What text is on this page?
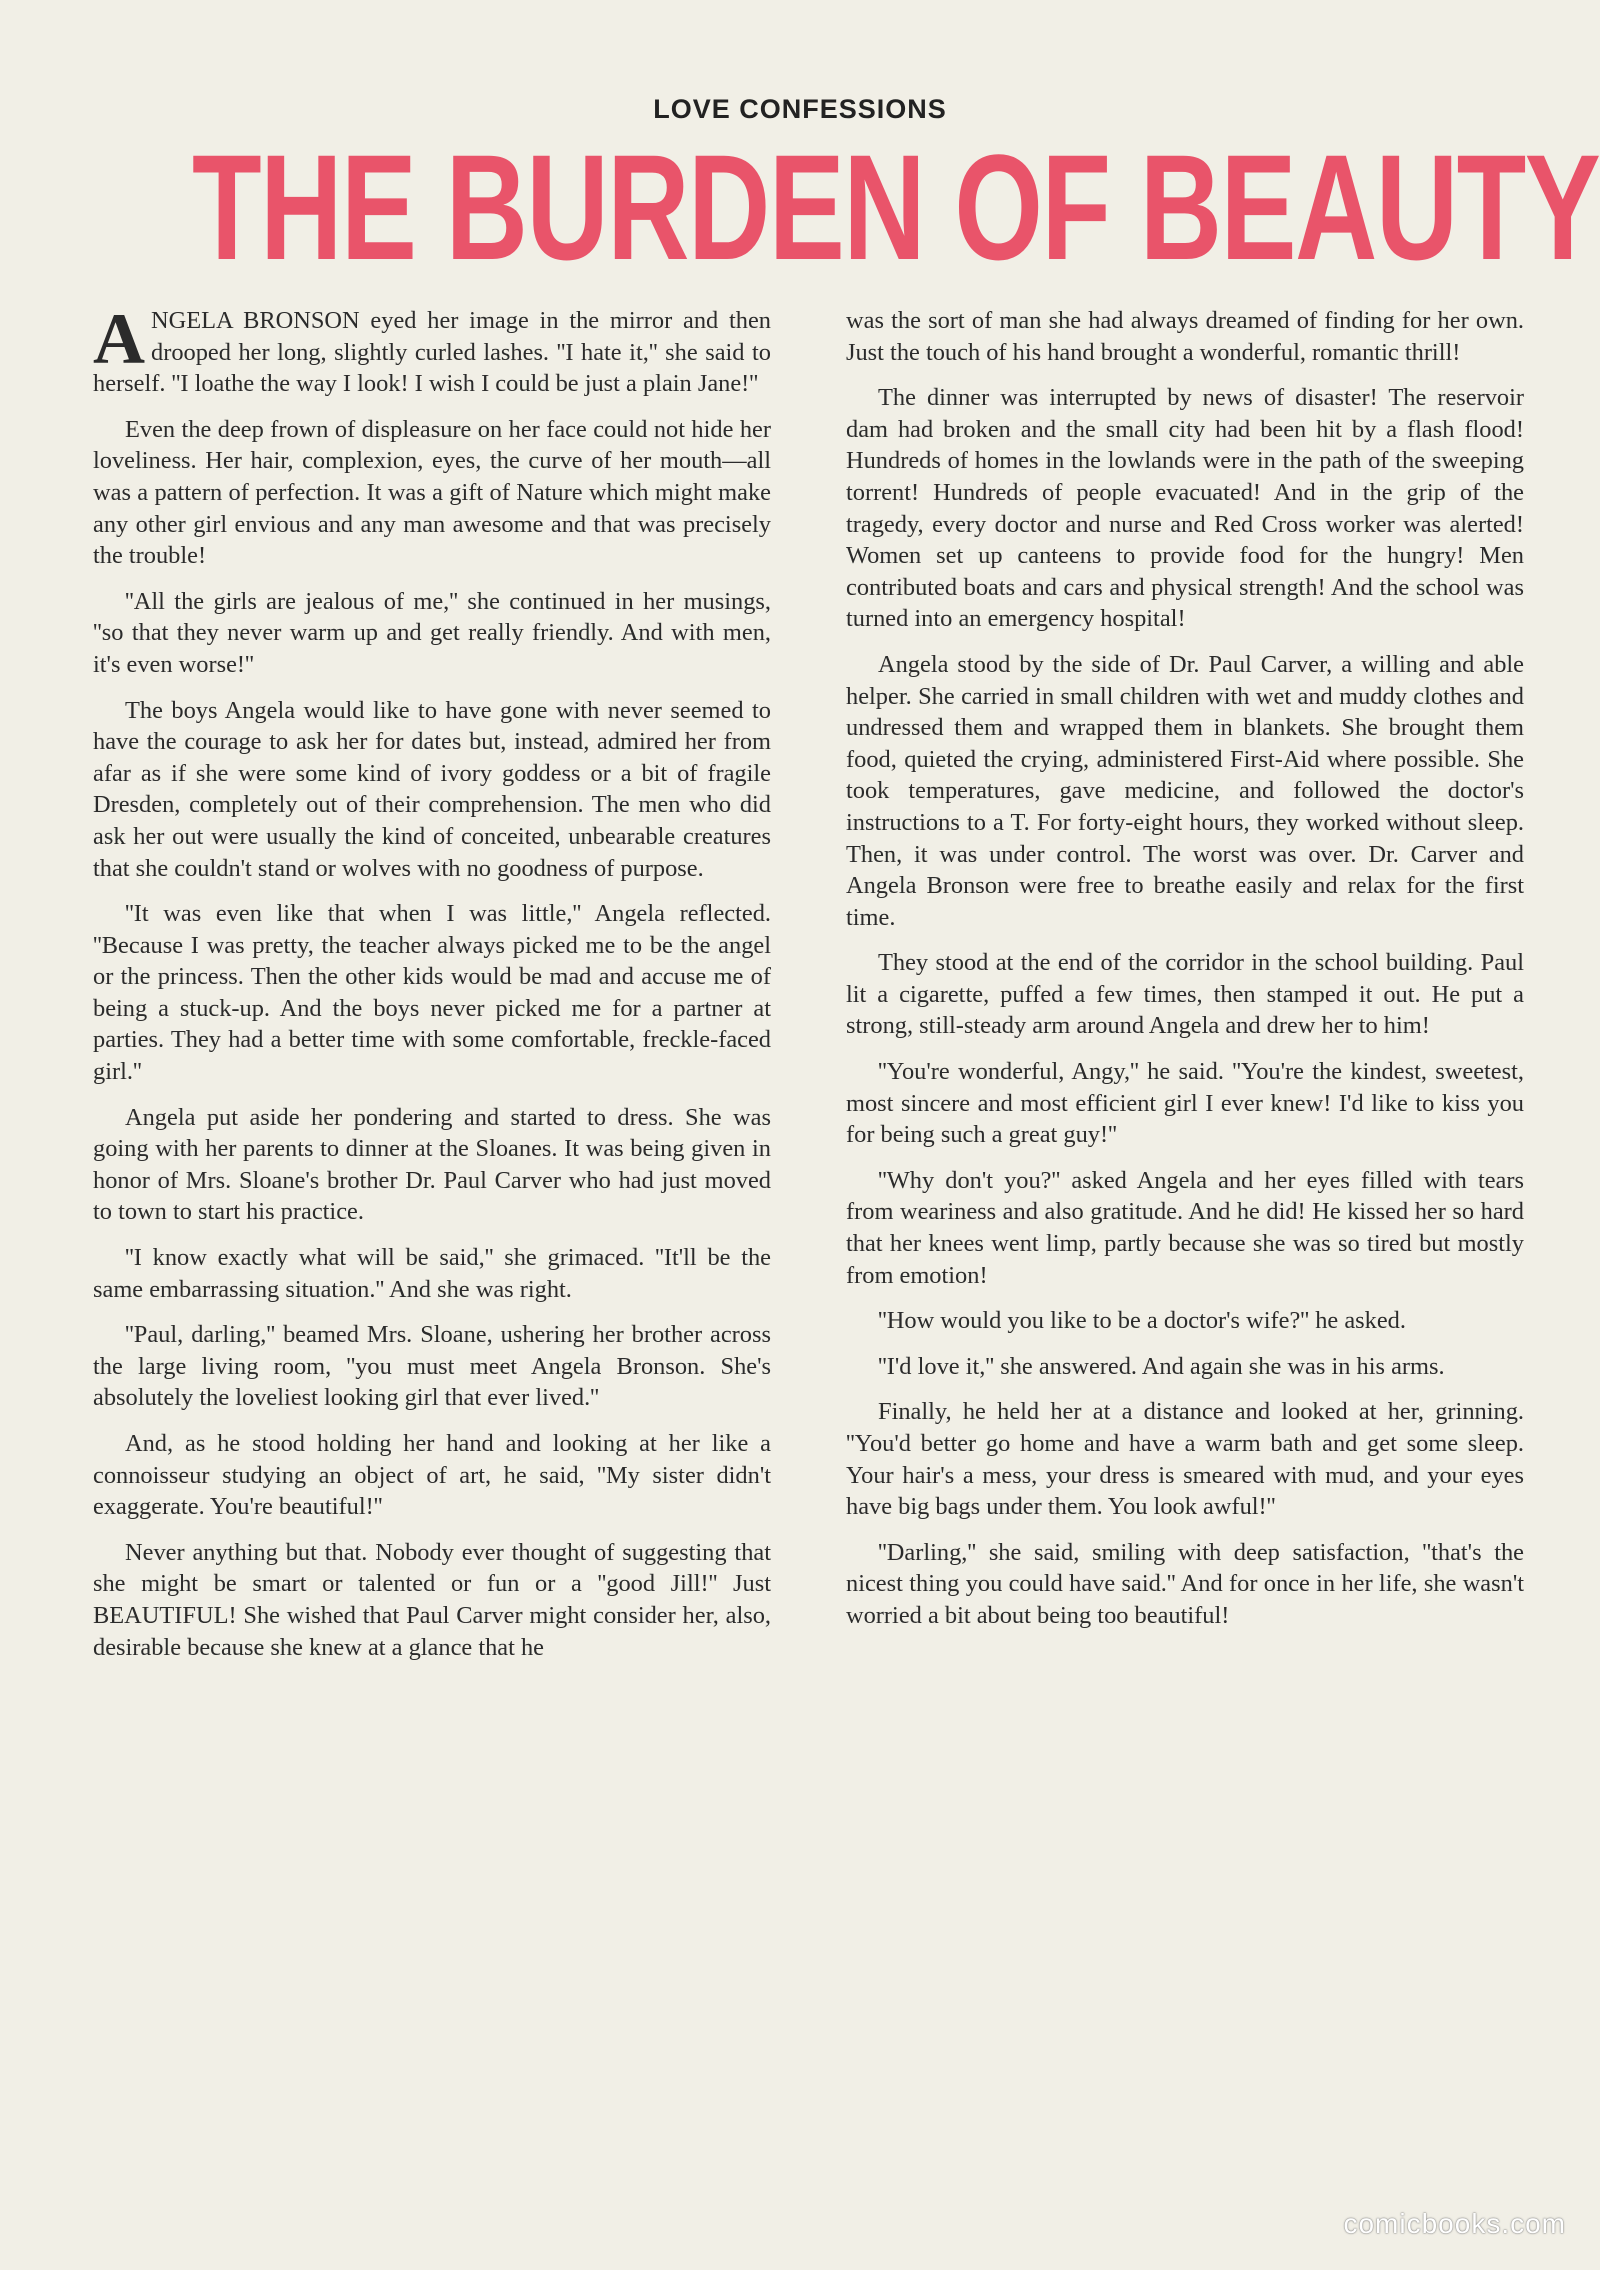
LOVE CONFESSIONS
THE BURDEN OF BEAUTY

ANGELA BRONSON eyed her image in the mirror and then drooped her long, slightly curled lashes. ''I hate it,'' she said to herself. ''I loathe the way I look! I wish I could be just a plain Jane!''

Even the deep frown of displeasure on her face could not hide her loveliness. Her hair, complexion, eyes, the curve of her mouth—all was a pattern of perfection. It was a gift of Nature which might make any other girl envious and any man awesome and that was precisely the trouble!

''All the girls are jealous of me,'' she continued in her musings, ''so that they never warm up and get really friendly. And with men, it's even worse!''

The boys Angela would like to have gone with never seemed to have the courage to ask her for dates but, instead, admired her from afar as if she were some kind of ivory goddess or a bit of fragile Dresden, completely out of their comprehension. The men who did ask her out were usually the kind of conceited, unbearable creatures that she couldn't stand or wolves with no goodness of purpose.

''It was even like that when I was little,'' Angela reflected. ''Because I was pretty, the teacher always picked me to be the angel or the princess. Then the other kids would be mad and accuse me of being a stuck-up. And the boys never picked me for a partner at parties. They had a better time with some comfortable, freckle-faced girl.''

Angela put aside her pondering and started to dress. She was going with her parents to dinner at the Sloanes. It was being given in honor of Mrs. Sloane's brother Dr. Paul Carver who had just moved to town to start his practice.

''I know exactly what will be said,'' she grimaced. ''It'll be the same embarrassing situation.'' And she was right.

''Paul, darling,'' beamed Mrs. Sloane, ushering her brother across the large living room, ''you must meet Angela Bronson. She's absolutely the loveliest looking girl that ever lived.''

And, as he stood holding her hand and looking at her like a connoisseur studying an object of art, he said, ''My sister didn't exaggerate. You're beautiful!''

Never anything but that. Nobody ever thought of suggesting that she might be smart or talented or fun or a ''good Jill!'' Just BEAUTIFUL! She wished that Paul Carver might consider her, also, desirable because she knew at a glance that he

was the sort of man she had always dreamed of finding for her own. Just the touch of his hand brought a wonderful, romantic thrill!

The dinner was interrupted by news of disaster! The reservoir dam had broken and the small city had been hit by a flash flood! Hundreds of homes in the lowlands were in the path of the sweeping torrent! Hundreds of people evacuated! And in the grip of the tragedy, every doctor and nurse and Red Cross worker was alerted! Women set up canteens to provide food for the hungry! Men contributed boats and cars and physical strength! And the school was turned into an emergency hospital!

Angela stood by the side of Dr. Paul Carver, a willing and able helper. She carried in small children with wet and muddy clothes and undressed them and wrapped them in blankets. She brought them food, quieted the crying, administered First-Aid where possible. She took temperatures, gave medicine, and followed the doctor's instructions to a T. For forty-eight hours, they worked without sleep. Then, it was under control. The worst was over. Dr. Carver and Angela Bronson were free to breathe easily and relax for the first time.

They stood at the end of the corridor in the school building. Paul lit a cigarette, puffed a few times, then stamped it out. He put a strong, still-steady arm around Angela and drew her to him!

''You're wonderful, Angy,'' he said. ''You're the kindest, sweetest, most sincere and most efficient girl I ever knew! I'd like to kiss you for being such a great guy!''

''Why don't you?'' asked Angela and her eyes filled with tears from weariness and also gratitude. And he did! He kissed her so hard that her knees went limp, partly because she was so tired but mostly from emotion!

''How would you like to be a doctor's wife?'' he asked.

''I'd love it,'' she answered. And again she was in his arms.

Finally, he held her at a distance and looked at her, grinning. ''You'd better go home and have a warm bath and get some sleep. Your hair's a mess, your dress is smeared with mud, and your eyes have big bags under them. You look awful!''

''Darling,'' she said, smiling with deep satisfaction, ''that's the nicest thing you could have said.'' And for once in her life, she wasn't worried a bit about being too beautiful!

comicbooks.com
